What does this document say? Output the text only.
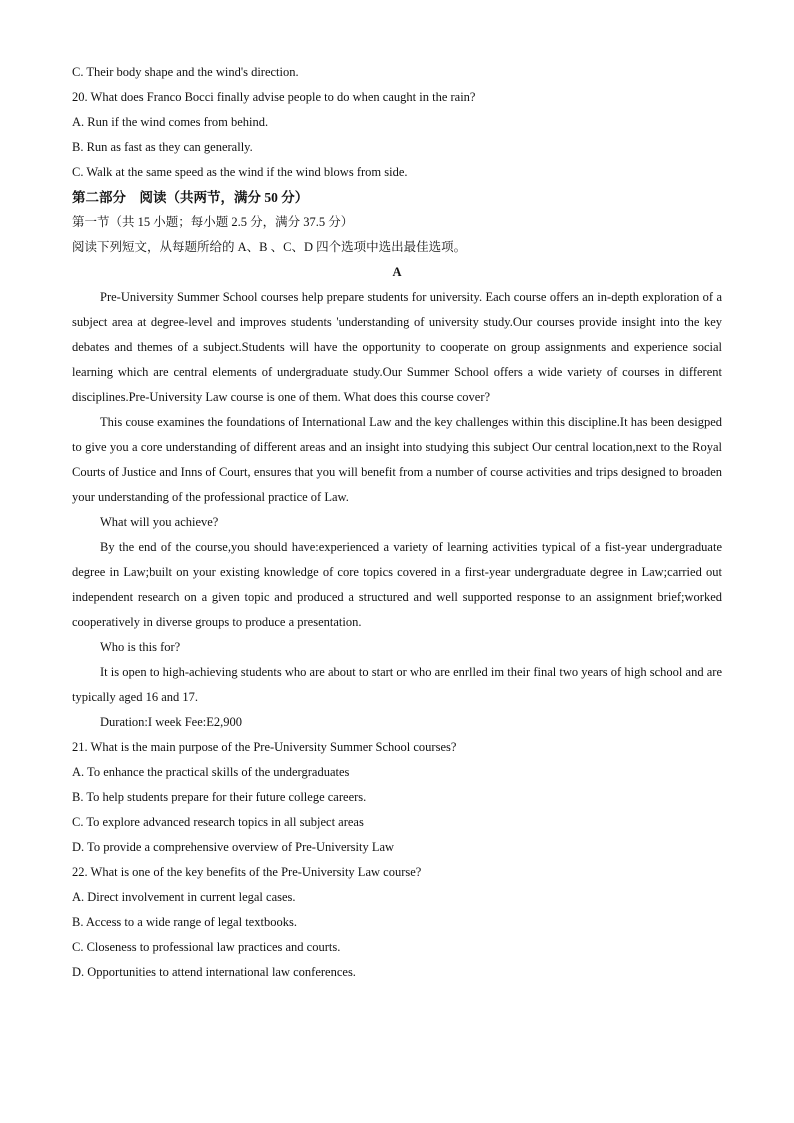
C. Their body shape and the wind's direction.
20. What does Franco Bocci finally advise people to do when caught in the rain?
A. Run if the wind comes from behind.
B. Run as fast as they can generally.
C. Walk at the same speed as the wind if the wind blows from side.
第二部分　阅读（共两节，满分 50 分）
第一节（共 15 小题；每小题 2.5 分，满分 37.5 分）
阅读下列短文，从每题所给的 A、B 、C、D 四个选项中选出最佳选项。
A
Pre-University Summer School courses help prepare students for university. Each course offers an in-depth exploration of a subject area at degree-level and improves students 'understanding of university study.Our courses provide insight into the key debates and themes of a subject.Students will have the opportunity to cooperate on group assignments and experience social learning which are central elements of undergraduate study.Our Summer School offers a wide variety of courses in different disciplines.Pre-University Law course is one of them. What does this course cover?
This couse examines the foundations of International Law and the key challenges within this discipline.It has been desigped to give you a core understanding of different areas and an insight into studying this subject Our central location,next to the Royal Courts of Justice and Inns of Court, ensures that you will benefit from a number of course activities and trips designed to broaden your understanding of the professional practice of Law.
What will you achieve?
By the end of the course,you should have:experienced a variety of learning activities typical of a fist-year undergraduate degree in Law;built on your existing knowledge of core topics covered in a first-year undergraduate degree in Law;carried out independent research on a given topic and produced a structured and well supported response to an assignment brief;worked cooperatively in diverse groups to produce a presentation.
Who is this for?
It is open to high-achieving students who are about to start or who are enrlled im their final two years of high school and are typically aged 16 and 17.
Duration:I week Fee:E2,900
21. What is the main purpose of the Pre-University Summer School courses?
A. To enhance the practical skills of the undergraduates
B. To help students prepare for their future college careers.
C. To explore advanced research topics in all subject areas
D. To provide a comprehensive overview of Pre-University Law
22. What is one of the key benefits of the Pre-University Law course?
A. Direct involvement in current legal cases.
B. Access to a wide range of legal textbooks.
C. Closeness to professional law practices and courts.
D. Opportunities to attend international law conferences.
